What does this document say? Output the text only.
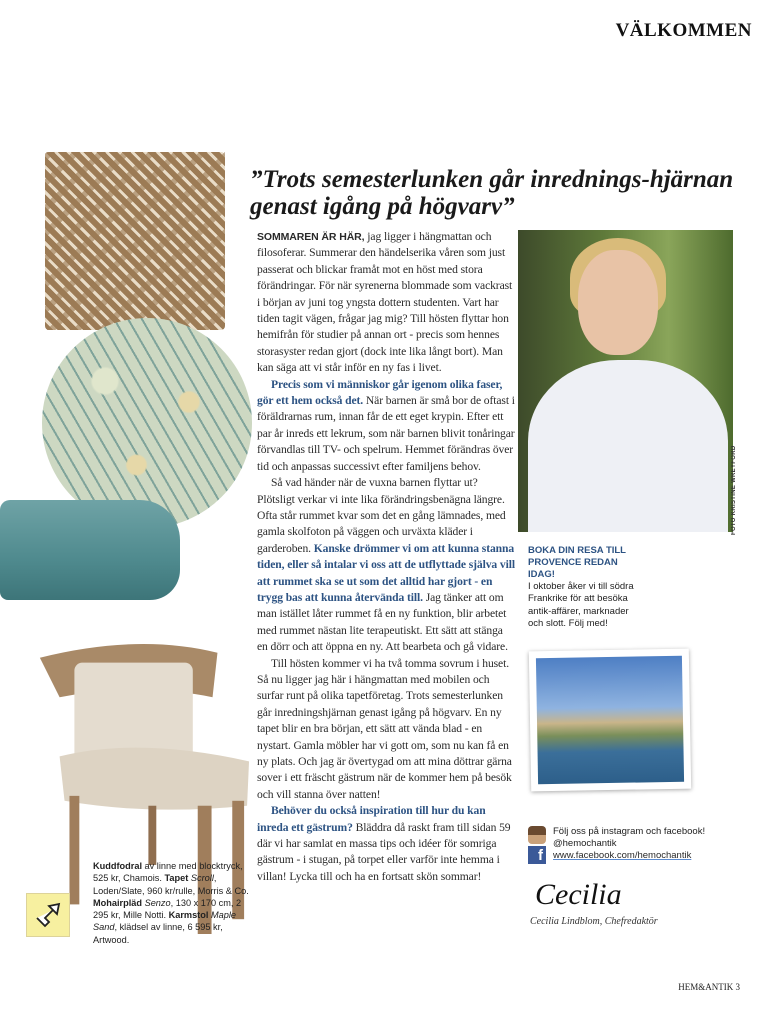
VÄLKOMMEN
”Trots semesterlunken går inrednings-hjärnan genast igång på högvarv”

SOMMAREN ÄR HÄR, jag ligger i hängmattan och filosoferar. Summerar den händelserika våren som just passerat och blickar framåt mot en höst med stora förändringar. För när syrenerna blommade som vackrast i början av juni tog yngsta dottern studenten. Vart har tiden tagit vägen, frågar jag mig? Till hösten flyttar hon hemifrån för studier på annan ort - precis som hennes storasyster redan gjort (dock inte lika långt bort). Man kan säga att vi står inför en ny fas i livet.

Precis som vi människor går igenom olika faser, gör ett hem också det. När barnen är små bor de oftast i föräldrarnas rum, innan får de ett eget krypin. Efter ett par år inreds ett lekrum, som när barnen blivit tonåringar förvandlas till TV- och spelrum. Hemmet förändras över tid och anpassas successivt efter familjens behov.

Så vad händer när de vuxna barnen flyttar ut? Plötsligt verkar vi inte lika förändringsbenägna längre. Ofta står rummet kvar som det en gång lämnades, med gamla skolfoton på väggen och urväxta kläder i garderoben. Kanske drömmer vi om att kunna stanna tiden, eller så intalar vi oss att de utflyttade själva vill att rummet ska se ut som det alltid har gjort - en trygg bas att kunna återvända till. Jag tänker att om man istället låter rummet få en ny funktion, blir arbetet med rummet nästan lite terapeutiskt. Ett sätt att stänga en dörr och att öppna en ny. Att bearbeta och gå vidare.

Till hösten kommer vi ha två tomma sovrum i huset. Så nu ligger jag här i hängmattan med mobilen och surfar runt på olika tapetföretag. Trots semesterlunken går inredningshjärnan genast igång på högvarv. En ny tapet blir en bra början, ett sätt att vända blad - en nystart. Gamla möbler har vi gott om, som nu kan få en ny plats. Och jag är övertygad om att mina döttrar gärna sover i ett fräscht gästrum när de kommer hem på besök och vill stanna över natten!

Behöver du också inspiration till hur du kan inreda ett gästrum? Bläddra då raskt fram till sidan 59 där vi har samlat en massa tips och idéer för somriga gästrum - i stugan, på torpet eller varför inte hemma i villan! Lycka till och ha en fortsatt skön sommar!

FOTO KRISTINE WREYFORD
BOKA DIN RESA TILL PROVENCE REDAN IDAG!
I oktober åker vi till södra Frankrike för att besöka antik-affärer, marknader och slott. Följ med!
f
Följ oss på instagram och facebook!
@hemochantik
www.facebook.com/hemochantik
Cecilia
Cecilia Lindblom, Chefredaktör
Kuddfodral av linne med blocktryck, 525 kr, Chamois. Tapet Scroll, Loden/Slate, 960 kr/rulle, Morris & Co. Mohairpläd Senzo, 130 x 170 cm, 2 295 kr, Mille Notti. Karmstol Maple Sand, klädsel av linne, 6 595 kr, Artwood.
HEM&ANTIK 3
